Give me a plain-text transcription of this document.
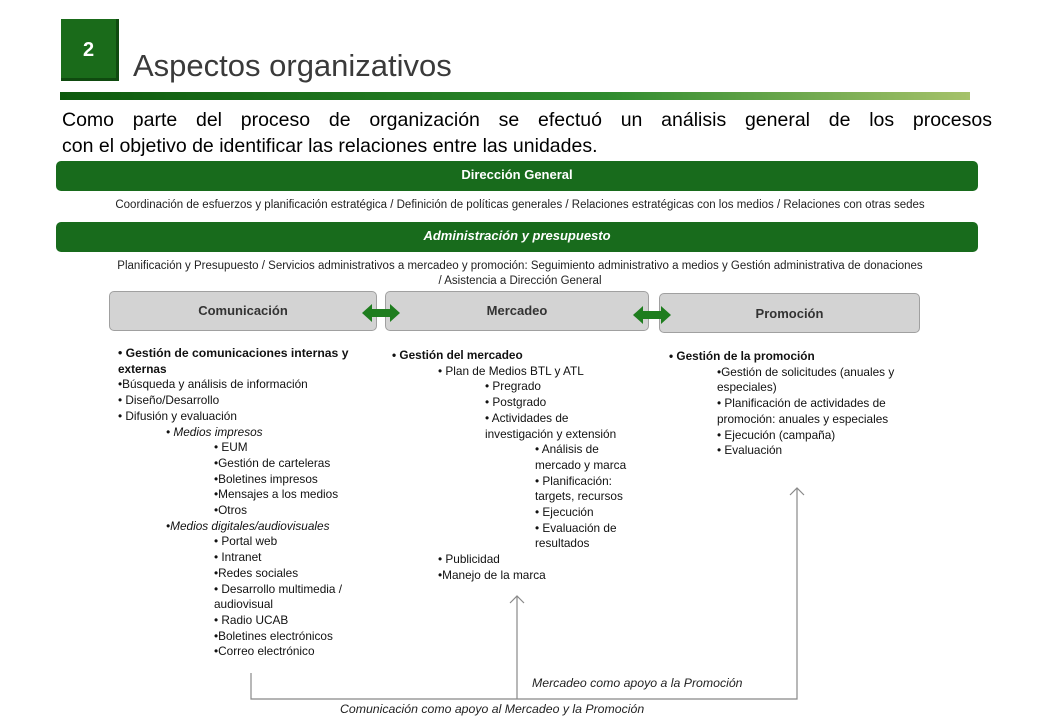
2	Aspectos organizativos
Como parte del proceso de organización se efectuó un análisis general de los procesos
con el objetivo de identificar las relaciones entre las unidades.
Dirección General
Coordinación de esfuerzos y planificación estratégica / Definición de políticas generales / Relaciones estratégicas con los medios / Relaciones con otras sedes
Administración y presupuesto
Planificación y Presupuesto / Servicios administrativos a mercadeo y promoción: Seguimiento administrativo a medios y Gestión administrativa de donaciones
/ Asistencia a Dirección General
Comunicación	Mercadeo	Promoción
• Gestión de comunicaciones internas y
externas
•Búsqueda y análisis de información
• Diseño/Desarrollo
• Difusión y evaluación
• Medios impresos
• EUM
•Gestión de carteleras
•Boletines impresos
•Mensajes a los medios
•Otros
•Medios digitales/audiovisuales
• Portal web
• Intranet
•Redes sociales
• Desarrollo multimedia /
audiovisual
• Radio UCAB
•Boletines electrónicos
•Correo electrónico
• Gestión del mercadeo
• Plan de Medios BTL y ATL
• Pregrado
• Postgrado
• Actividades de
investigación y extensión
• Análisis de
mercado y marca
• Planificación:
targets, recursos
• Ejecución
• Evaluación de
resultados
• Publicidad
•Manejo de la marca
• Gestión de la promoción
•Gestión de solicitudes (anuales y
especiales)
• Planificación de actividades de
promoción: anuales y especiales
• Ejecución (campaña)
• Evaluación
Mercadeo como apoyo a la Promoción
Comunicación como apoyo al Mercadeo y la Promoción
